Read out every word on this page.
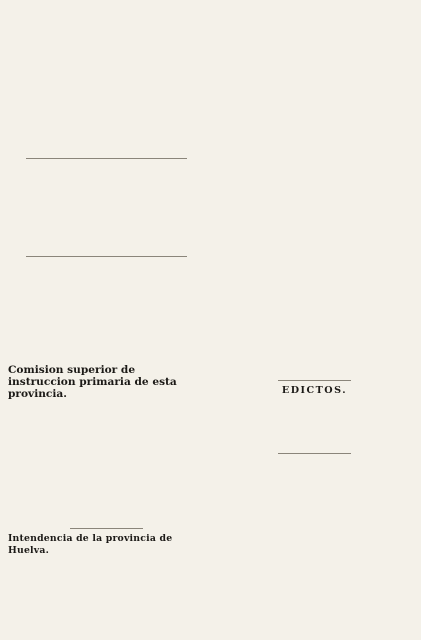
Comision superior de instruccion primaria de esta provincia.
Intendencia de la provincia de Huelva.
EDICTOS.
